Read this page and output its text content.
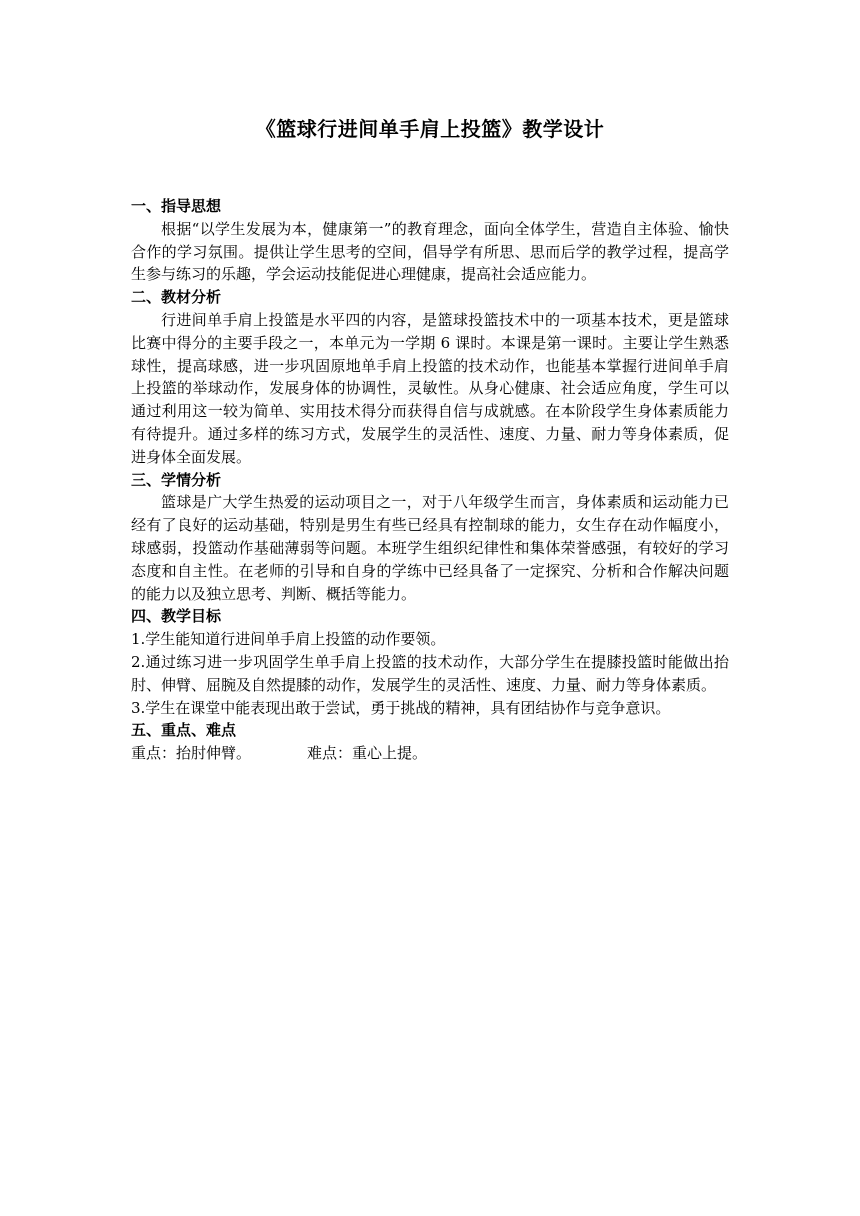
《篮球行进间单手肩上投篮》教学设计

一、指导思想

根据“以学生发展为本，健康第一”的教育理念，面向全体学生，营造自主体验、愉快合作的学习氛围。提供让学生思考的空间，倡导学有所思、思而后学的教学过程，提高学生参与练习的乐趣，学会运动技能促进心理健康，提高社会适应能力。

二、教材分析

行进间单手肩上投篮是水平四的内容，是篮球投篮技术中的一项基本技术，更是篮球比赛中得分的主要手段之一，本单元为一学期 6 课时。本课是第一课时。主要让学生熟悉球性，提高球感，进一步巩固原地单手肩上投篮的技术动作，也能基本掌握行进间单手肩上投篮的举球动作，发展身体的协调性，灵敏性。从身心健康、社会适应角度，学生可以通过利用这一较为简单、实用技术得分而获得自信与成就感。在本阶段学生身体素质能力有待提升。通过多样的练习方式，发展学生的灵活性、速度、力量、耐力等身体素质，促进身体全面发展。

三、学情分析

篮球是广大学生热爱的运动项目之一，对于八年级学生而言，身体素质和运动能力已经有了良好的运动基础，特别是男生有些已经具有控制球的能力，女生存在动作幅度小，球感弱，投篮动作基础薄弱等问题。本班学生组织纪律性和集体荣誉感强，有较好的学习态度和自主性。在老师的引导和自身的学练中已经具备了一定探究、分析和合作解决问题的能力以及独立思考、判断、概括等能力。

四、教学目标

1.学生能知道行进间单手肩上投篮的动作要领。

2.通过练习进一步巩固学生单手肩上投篮的技术动作，大部分学生在提膝投篮时能做出抬肘、伸臂、屈腕及自然提膝的动作，发展学生的灵活性、速度、力量、耐力等身体素质。

3.学生在课堂中能表现出敢于尝试，勇于挑战的精神，具有团结协作与竞争意识。

五、重点、难点

重点：抬肘伸臂。	难点：重心上提。
